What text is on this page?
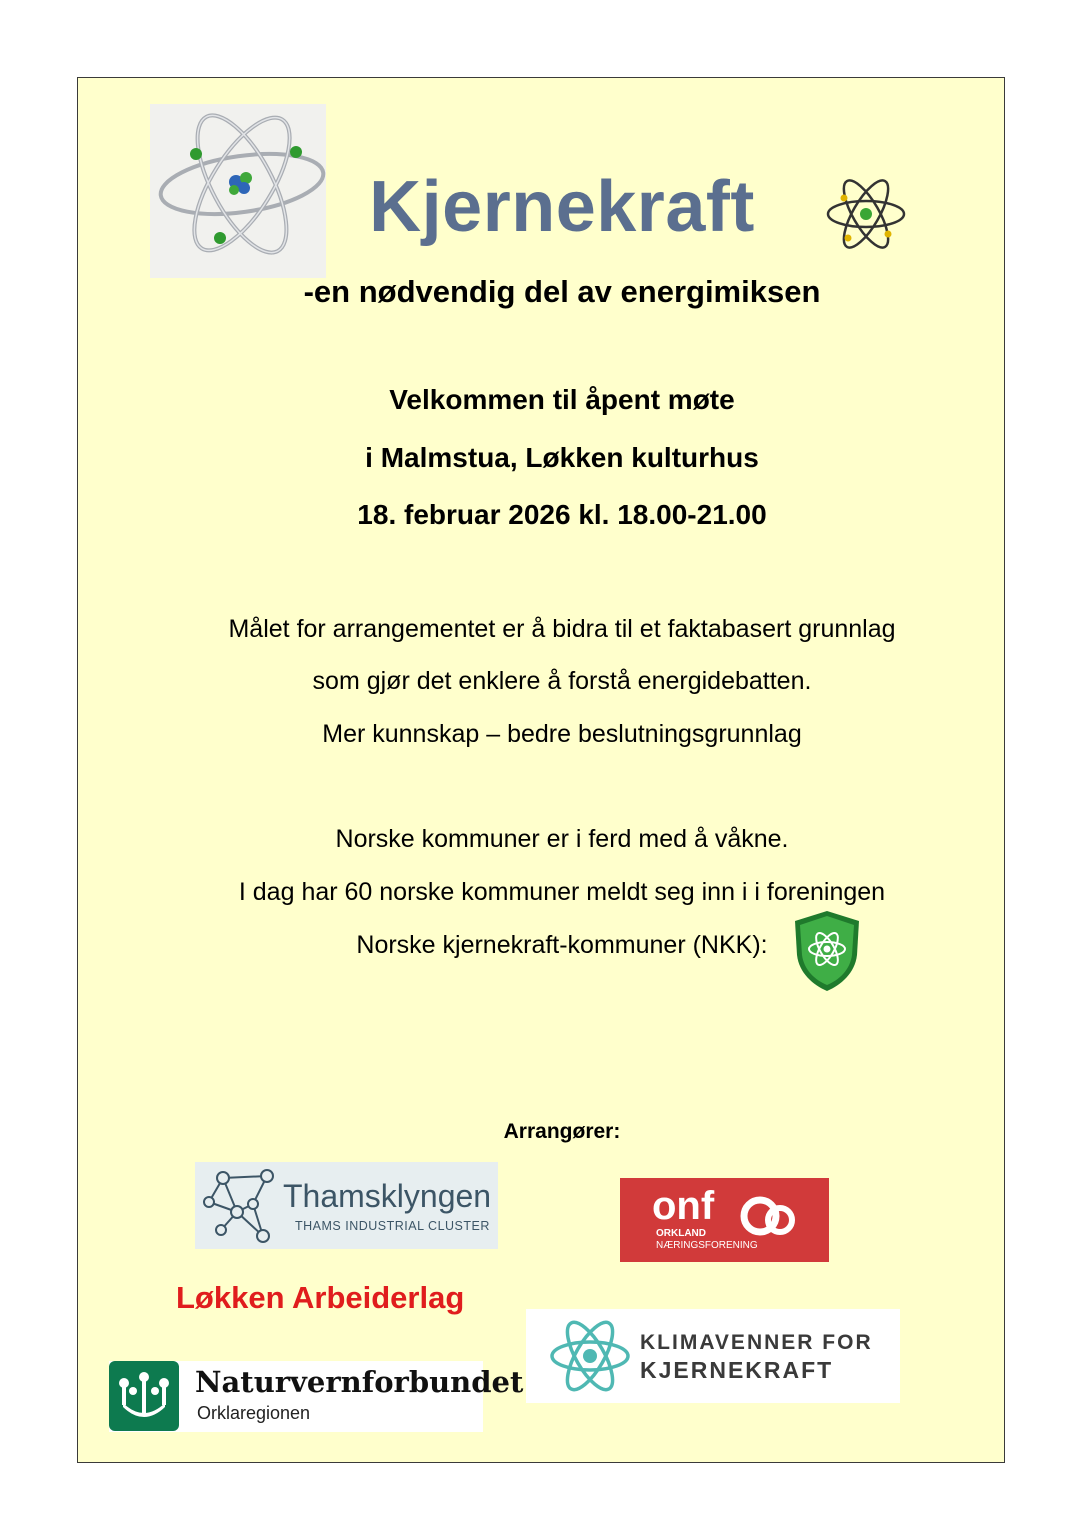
Kjernekraft
-en nødvendig del av energimiksen
Velkommen til åpent møte
i Malmstua, Løkken kulturhus
18. februar 2026 kl. 18.00-21.00
Målet for arrangementet er å bidra til et faktabasert grunnlag
som gjør det enklere å forstå energidebatten.
Mer kunnskap – bedre beslutningsgrunnlag
Norske kommuner er i ferd med å våkne.
I dag har 60 norske kommuner meldt seg inn i i foreningen
Norske kjernekraft-kommuner (NKK):
Arrangører:
Thamsklyngen
THAMS INDUSTRIAL CLUSTER	onf
ORKLAND
NÆRINGSFORENING
Løkken Arbeiderlag
KLIMAVENNER FOR
KJERNEKRAFT
Naturvernforbundet
Orklaregionen
